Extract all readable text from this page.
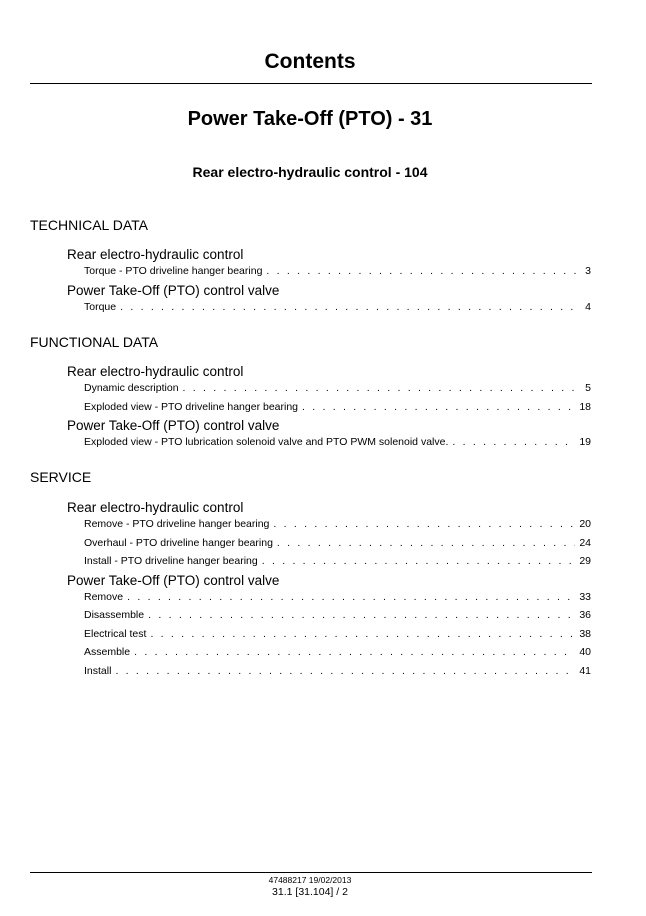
Contents
Power Take-Off (PTO) - 31
Rear electro-hydraulic control - 104
TECHNICAL DATA
Rear electro-hydraulic control
Torque - PTO driveline hanger bearing . . .	3
Power Take-Off (PTO) control valve
Torque . . .	4
FUNCTIONAL DATA
Rear electro-hydraulic control
Dynamic description . . .	5
Exploded view - PTO driveline hanger bearing . . .	18
Power Take-Off (PTO) control valve
Exploded view - PTO lubrication solenoid valve and PTO PWM solenoid valve. . . .	19
SERVICE
Rear electro-hydraulic control
Remove - PTO driveline hanger bearing . . .	20
Overhaul - PTO driveline hanger bearing . . .	24
Install - PTO driveline hanger bearing . . .	29
Power Take-Off (PTO) control valve
Remove . . .	33
Disassemble . . .	36
Electrical test . . .	38
Assemble . . .	40
Install . . .	41
47488217 19/02/2013
31.1 [31.104] / 2
